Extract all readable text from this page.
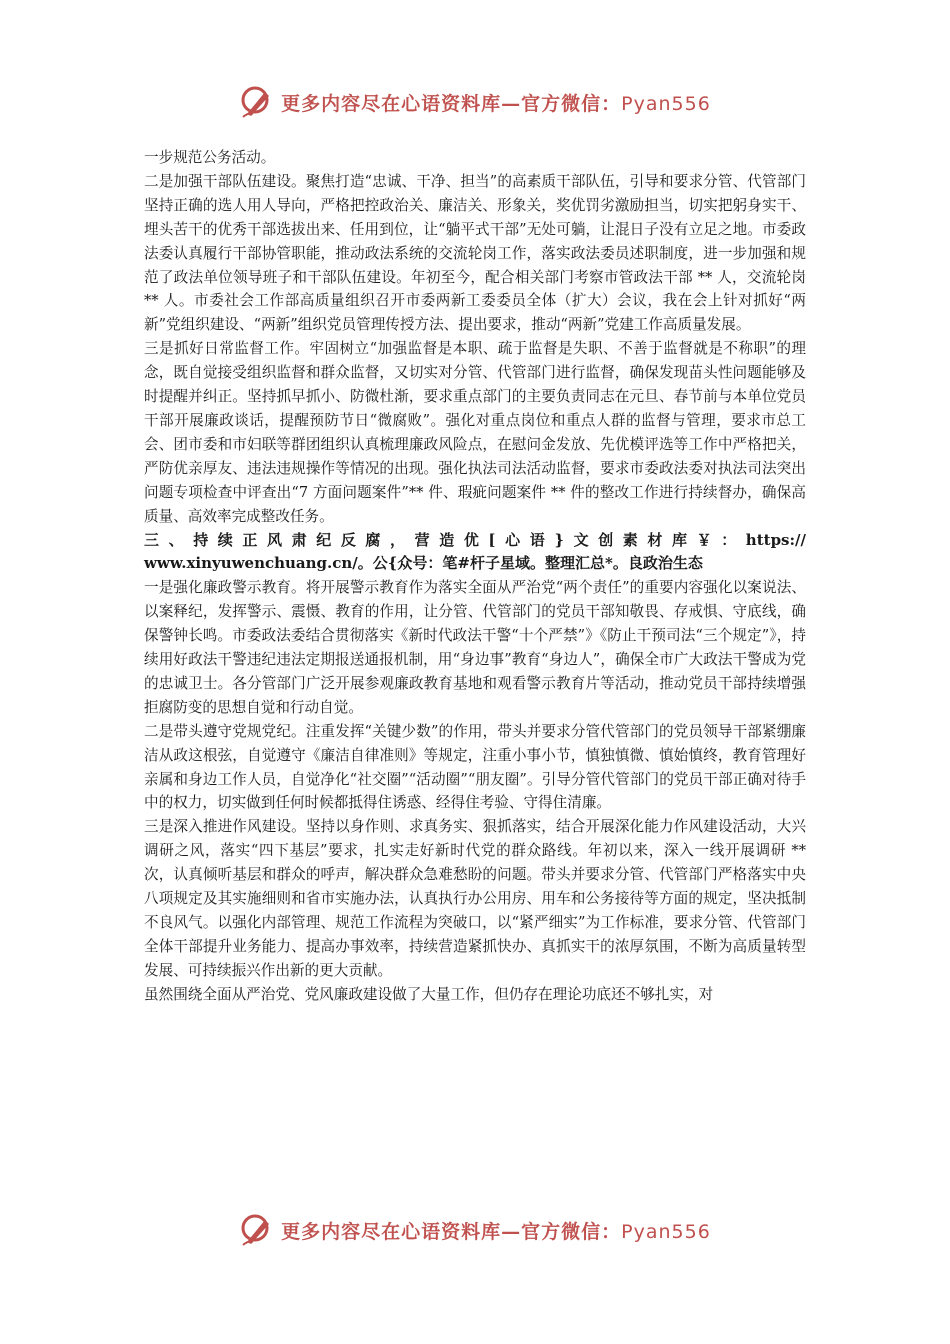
更多内容尽在心语资料库—官方微信：Pyan556

一步规范公务活动。

二是加强干部队伍建设。聚焦打造“忠诚、干净、担当”的高素质干部队伍，引导和要求分管、代管部门坚持正确的选人用人导向，严格把控政治关、廉洁关、形象关，奖优罚劣激励担当，切实把躬身实干、埋头苦干的优秀干部选拔出来、任用到位，让“躺平式干部”无处可躺，让混日子没有立足之地。市委政法委认真履行干部协管职能，推动政法系统的交流轮岗工作，落实政法委员述职制度，进一步加强和规范了政法单位领导班子和干部队伍建设。年初至今，配合相关部门考察市管政法干部 ** 人，交流轮岗 ** 人。市委社会工作部高质量组织召开市委两新工委委员全体（扩大）会议，我在会上针对抓好“两新”党组织建设、“两新”组织党员管理传授方法、提出要求，推动“两新”党建工作高质量发展。

三是抓好日常监督工作。牢固树立“加强监督是本职、疏于监督是失职、不善于监督就是不称职”的理念，既自觉接受组织监督和群众监督，又切实对分管、代管部门进行监督，确保发现苗头性问题能够及时提醒并纠正。坚持抓早抓小、防微杜渐，要求重点部门的主要负责同志在元旦、春节前与本单位党员干部开展廉政谈话，提醒预防节日“微腐败”。强化对重点岗位和重点人群的监督与管理，要求市总工会、团市委和市妇联等群团组织认真梳理廉政风险点，在慰问金发放、先优模评选等工作中严格把关，严防优亲厚友、违法违规操作等情况的出现。强化执法司法活动监督，要求市委政法委对执法司法突出问题专项检查中评查出“7 方面问题案件”** 件、瑕疵问题案件 ** 件的整改工作进行持续督办，确保高质量、高效率完成整改任务。

三、持续正风肃纪反腐，营造优[心语}文创素材库￥：https://

www.xinyuwenchuang.cn/。公{众号：笔#杆子星域。整理汇总*。良政治生态

一是强化廉政警示教育。将开展警示教育作为落实全面从严治党“两个责任”的重要内容强化以案说法、以案释纪，发挥警示、震慑、教育的作用，让分管、代管部门的党员干部知敬畏、存戒惧、守底线，确保警钟长鸣。市委政法委结合贯彻落实《新时代政法干警“十个严禁”》《防止干预司法“三个规定”》，持续用好政法干警违纪违法定期报送通报机制，用“身边事”教育“身边人”，确保全市广大政法干警成为党的忠诚卫士。各分管部门广泛开展参观廉政教育基地和观看警示教育片等活动，推动党员干部持续增强拒腐防变的思想自觉和行动自觉。

二是带头遵守党规党纪。注重发挥“关键少数”的作用，带头并要求分管代管部门的党员领导干部紧绷廉洁从政这根弦，自觉遵守《廉洁自律准则》等规定，注重小事小节，慎独慎微、慎始慎终，教育管理好亲属和身边工作人员，自觉净化“社交圈”“活动圈”“朋友圈”。引导分管代管部门的党员干部正确对待手中的权力，切实做到任何时候都抵得住诱惑、经得住考验、守得住清廉。

三是深入推进作风建设。坚持以身作则、求真务实、狠抓落实，结合开展深化能力作风建设活动，大兴调研之风，落实“四下基层”要求，扎实走好新时代党的群众路线。年初以来，深入一线开展调研 ** 次，认真倾听基层和群众的呼声，解决群众急难愁盼的问题。带头并要求分管、代管部门严格落实中央八项规定及其实施细则和省市实施办法，认真执行办公用房、用车和公务接待等方面的规定，坚决抵制不良风气。以强化内部管理、规范工作流程为突破口，以“紧严细实”为工作标准，要求分管、代管部门全体干部提升业务能力、提高办事效率，持续营造紧抓快办、真抓实干的浓厚氛围，不断为高质量转型发展、可持续振兴作出新的更大贡献。

虽然围绕全面从严治党、党风廉政建设做了大量工作，但仍存在理论功底还不够扎实，对

更多内容尽在心语资料库—官方微信：Pyan556
